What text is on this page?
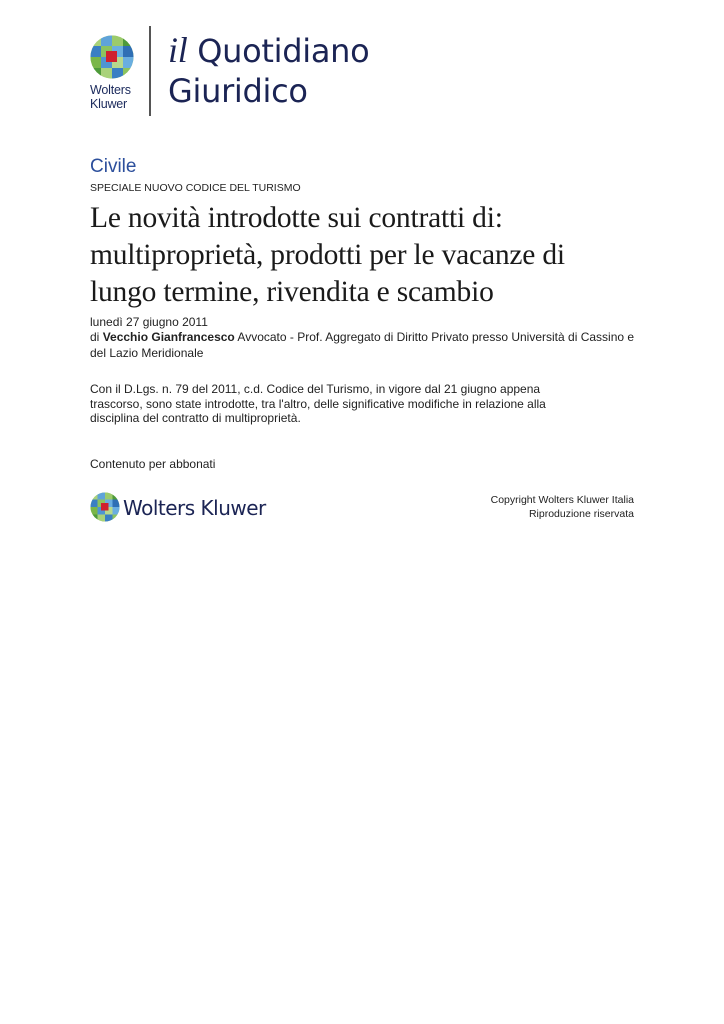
Wolters
Kluwer
il Quotidiano
Giuridico
Civile
SPECIALE NUOVO CODICE DEL TURISMO
Le novità introdotte sui contratti di: multiproprietà, prodotti per le vacanze di lungo termine, rivendita e scambio
lunedì 27 giugno 2011
di Vecchio Gianfrancesco Avvocato - Prof. Aggregato di Diritto Privato presso Università di Cassino e del Lazio Meridionale
Con il D.Lgs. n. 79 del 2011, c.d. Codice del Turismo, in vigore dal 21 giugno appena trascorso, sono state introdotte, tra l'altro, delle significative modifiche in relazione alla disciplina del contratto di multiproprietà.
Contenuto per abbonati
Wolters Kluwer	Copyright Wolters Kluwer Italia
Riproduzione riservata
